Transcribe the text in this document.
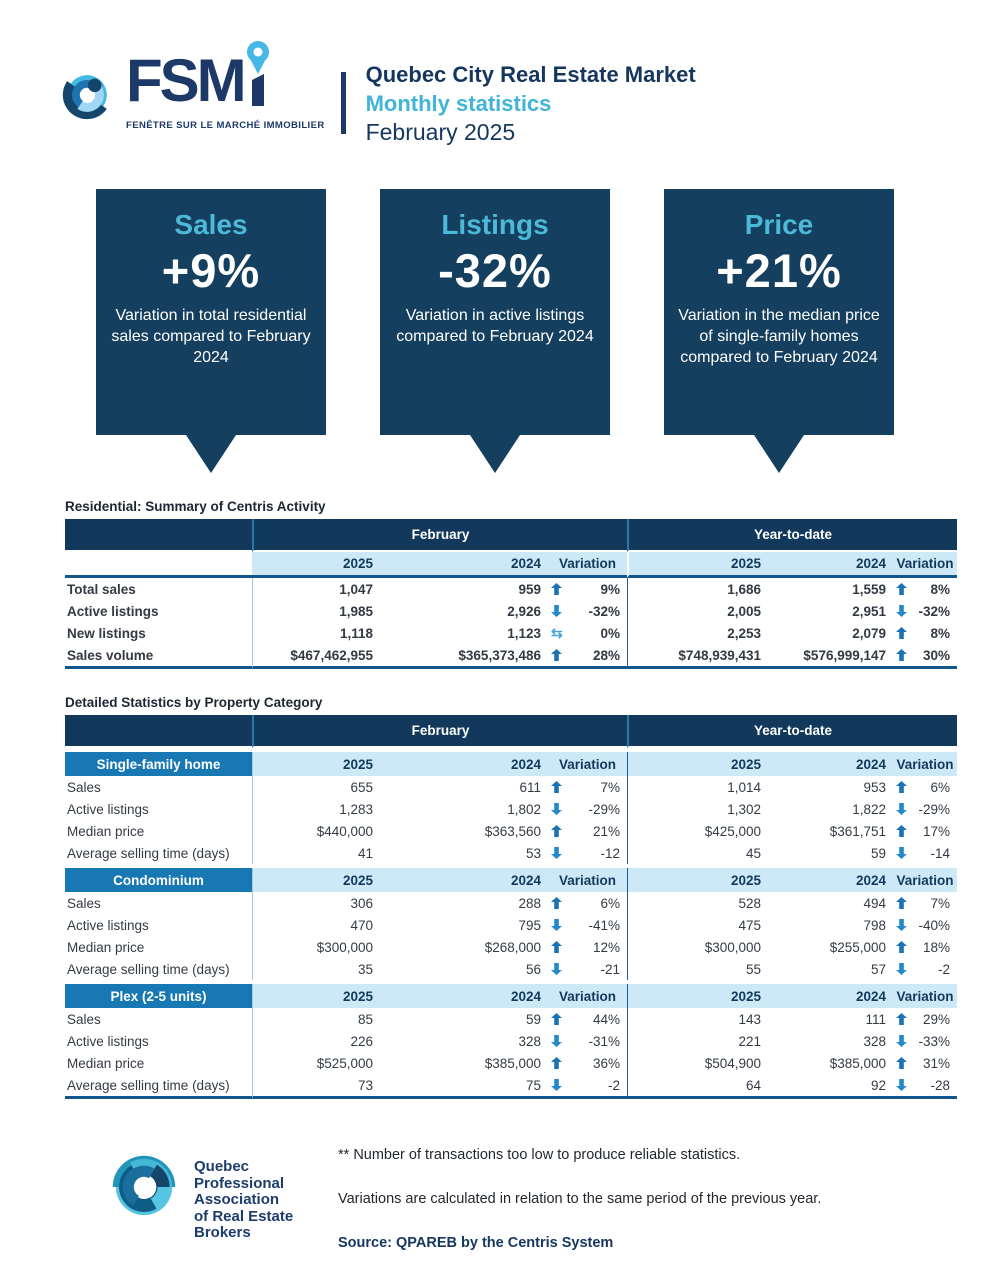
FSM
FENÊTRE SUR LE MARCHÉ IMMOBILIER
Quebec City Real Estate Market
Monthly statistics
February 2025
Sales
+9%
Variation in total residential sales compared to February 2024
Listings
-32%
Variation in active listings compared to February 2024
Price
+21%
Variation in the median price of single-family homes compared to February 2024
Residential: Summary of Centris Activity
	February			Year-to-date		
	2025	2024	Variation	2025	2024	Variation
Total sales	1,047	959	9%	1,686	1,559	8%

Active listings	1,985	2,926	-32%	2,005	2,951	-32%

New listings	1,118	1,123	⇆ 0%	2,253	2,079	8%

Sales volume	$467,462,955	$365,373,486	28%	$748,939,431	$576,999,147	30%
Detailed Statistics by Property Category
	February	Year-to-date
Single-family home	2025	2024	Variation	2025	2024	Variation
Sales	655	611	7%	1,014	953	6%

Active listings	1,283	1,802	-29%	1,302	1,822	-29%

Median price	$440,000	$363,560	21%	$425,000	$361,751	17%

Average selling time (days)	41	53	-12	45	59	-14
Condominium	2025	2024	Variation	2025	2024	Variation
Sales	306	288	6%	528	494	7%

Active listings	470	795	-41%	475	798	-40%

Median price	$300,000	$268,000	12%	$300,000	$255,000	18%

Average selling time (days)	35	56	-21	55	57	-2
Plex (2-5 units)	2025	2024	Variation	2025	2024	Variation
Sales	85	59	44%	143	111	29%

Active listings	226	328	-31%	221	328	-33%

Median price	$525,000	$385,000	36%	$504,900	$385,000	31%

Average selling time (days)	73	75	-2	64	92	-28
Quebec
Professional
Association
of Real Estate
Brokers
** Number of transactions too low to produce reliable statistics.
Variations are calculated in relation to the same period of the previous year.
Source: QPAREB by the Centris System
